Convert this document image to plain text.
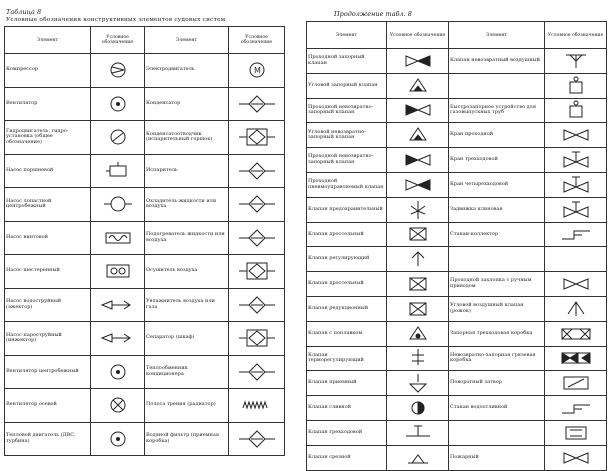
Таблица 8
Условные обозначения конструктивных элементов судовых систем
Элемент	Условное обозначение	Элемент	Условное обозначение
Компрессор		Электродвигатель	M

Вентилятор		Конденсатор	

Гидродвигатель, гидро-установка (общее обозначение)		Конденсатоотводчик (испарительный горшок)	

Насос поршневой		Испаритель	

Насос лопастной центробежный		Охладитель жидкости или воздуха	

Насос винтовой		Подогреватель жидкости или воздуха	

Насос шестеренный		Осушитель воздуха	

Насос водоструйный (эжектор)		Увлажнитель воздуха или газа	

Насос пароструйный (инжектор)		Сепаратор (шкаф)	

Вентилятор центробежный		Теплообменник кондиционера	

Вентилятор осевой		Полоса трения (радиатор)	

Тепловой двигатель (ДВС, турбина)		Водяной фильтр (приемная коробка)	
Продолжение табл. 8
Элемент	Условное обозначение	Элемент	Условное обозначение
Проходной запорный клапан		Клапан невозвратный воздушный	

Угловой запорный клапан	

Проходной невозвратно-запорный клапан		Быстрозапорное устройство для газовыпускных труб	

Угловой невозвратно-запорный клапан		Кран проходной	

Проходной невозвратно-запорный клапан		Кран трехходовой	

Проходной пневмоуправляемый клапан		Кран четырехходовой	

Клапан предохранительный		Задвижка клиновая	

Клапан дроссельный		Стакан-коллектор	

Клапан регулирующий	

Клапан дроссельный		Проходной захлопка с ручным приводом	

Клапан редукционный		Угловой воздушный клапан (рожок)	

Клапан с поплавком		Запорная трехходовая коробка	

Клапан терморегулирующий		Невозвратно-запорная грязевая коробка	

Клапан приемный		Поворотный затвор	

Клапан сливной		Стакан водоотливной	

Клапан трехходовой	

Клапан срезной		Пожарный	
